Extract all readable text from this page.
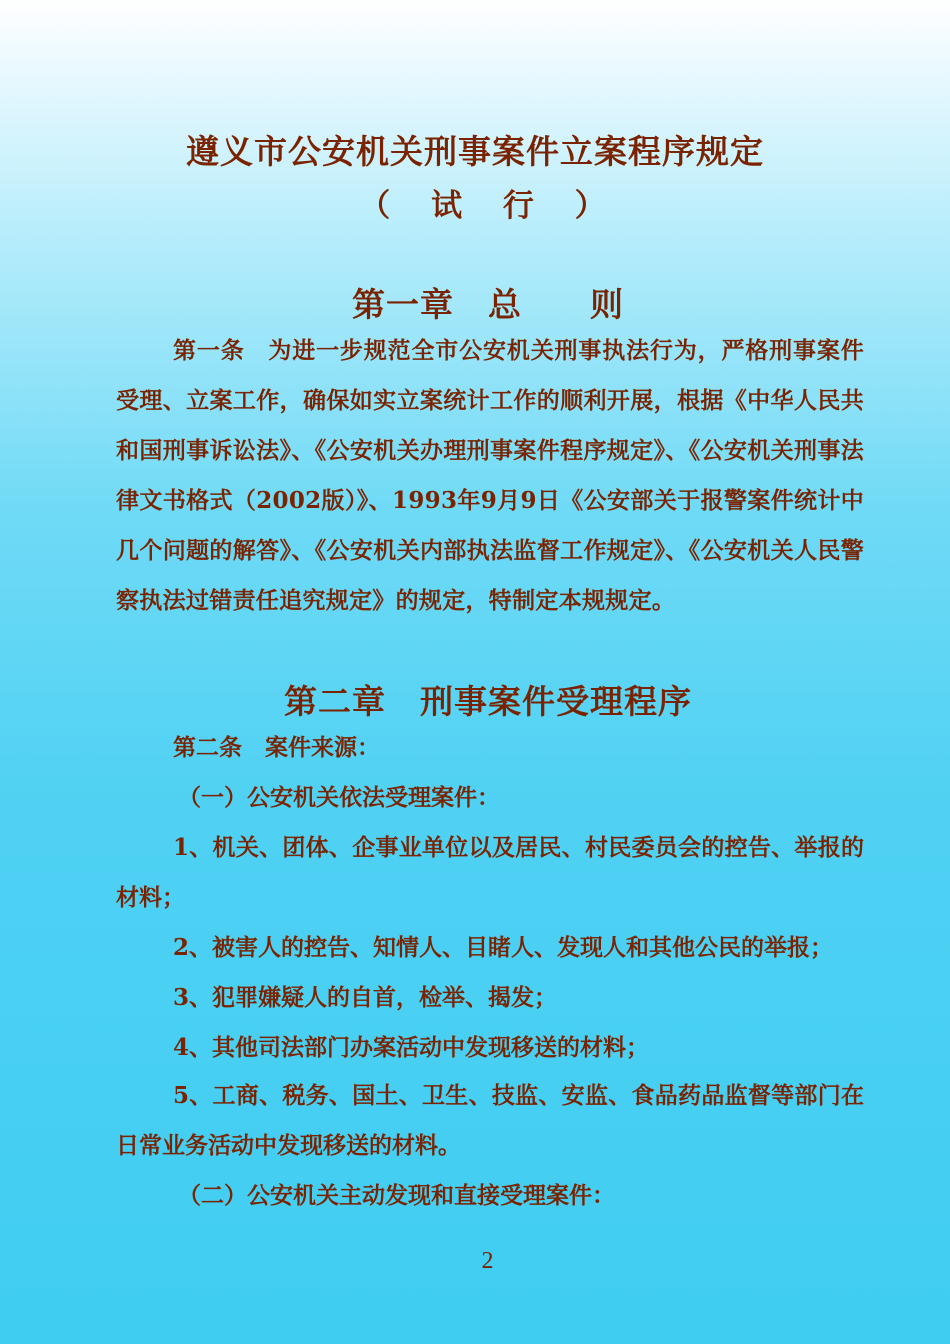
遵义市公安机关刑事案件立案程序规定
（ 试 行 ）
第一章　总　　则
第一条　为进一步规范全市公安机关刑事执法行为，严格刑事案件受理、立案工作，确保如实立案统计工作的顺利开展，根据《中华人民共和国刑事诉讼法》、《公安机关办理刑事案件程序规定》、《公安机关刑事法律文书格式（2002版）》、1993年9月9日《公安部关于报警案件统计中几个问题的解答》、《公安机关内部执法监督工作规定》、《公安机关人民警察执法过错责任追究规定》的规定，特制定本规规定。
第二章　刑事案件受理程序
第二条　案件来源：
（一）公安机关依法受理案件：
1、机关、团体、企事业单位以及居民、村民委员会的控告、举报的材料；
2、被害人的控告、知情人、目睹人、发现人和其他公民的举报；
3、犯罪嫌疑人的自首，检举、揭发；
4、其他司法部门办案活动中发现移送的材料；
5、工商、税务、国土、卫生、技监、安监、食品药品监督等部门在日常业务活动中发现移送的材料。
（二）公安机关主动发现和直接受理案件：
2
